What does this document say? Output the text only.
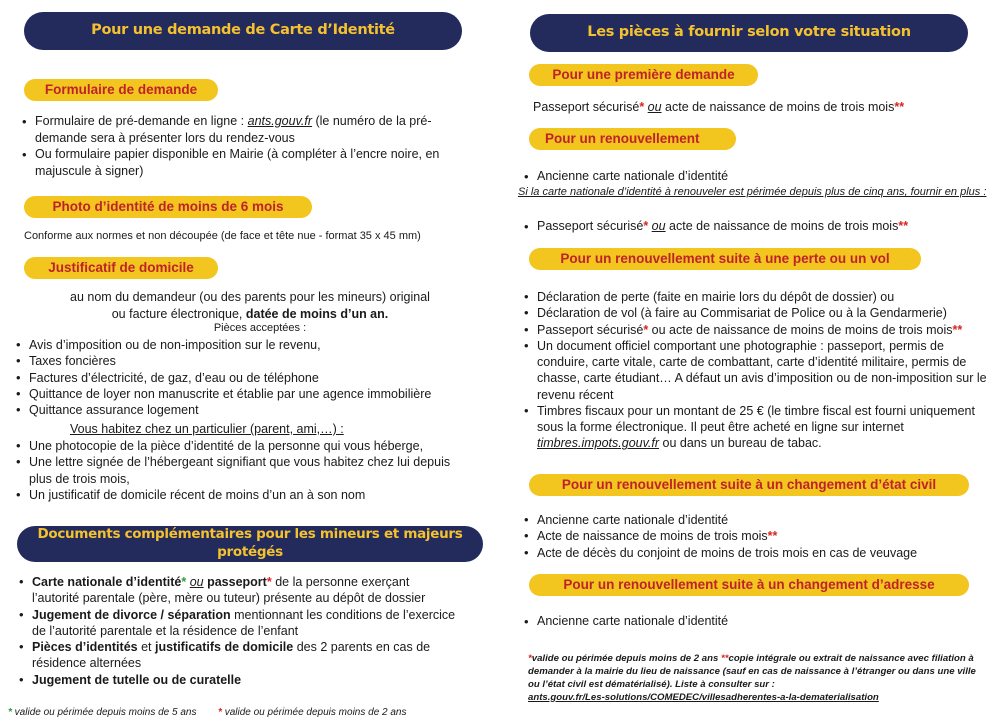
Pour une demande de Carte d’Identité
Formulaire de demande
• Formulaire de pré-demande en ligne : ants.gouv.fr (le numéro de la pré-demande sera à présenter lors du rendez-vous
• Ou formulaire papier disponible en Mairie (à compléter à l’encre noire, en majuscule à signer)
Photo d’identité de moins de 6 mois
Conforme aux normes et non découpée (de face et tête nue - format 35 x 45 mm)
Justificatif de domicile
au nom du demandeur (ou des parents pour les mineurs) original ou facture électronique, datée de moins d’un an.
Pièces acceptées :
• Avis d’imposition ou de non-imposition sur le revenu,
• Taxes foncières
• Factures d’électricité, de gaz, d’eau ou de téléphone
• Quittance de loyer non manuscrite et établie par une agence immobilière
• Quittance assurance logement
Vous habitez chez un particulier (parent, ami,…) :
• Une photocopie de la pièce d’identité de la personne qui vous héberge,
• Une lettre signée de l’hébergeant signifiant que vous habitez chez lui depuis plus de trois mois,
• Un justificatif de domicile récent de moins d’un an à son nom
Documents complémentaires pour les mineurs et majeurs protégés
• Carte nationale d’identité* ou passeport* de la personne exerçant l’autorité parentale (père, mère ou tuteur) présente au dépôt de dossier
• Jugement de divorce / séparation mentionnant les conditions de l’exercice de l’autorité parentale et la résidence de l’enfant
• Pièces d’identités et justificatifs de domicile des 2 parents en cas de résidence alternées
• Jugement de tutelle ou de curatelle
* valide ou périmée depuis moins de 5 ans * valide ou périmée depuis moins de 2 ans
Les pièces à fournir selon votre situation
Pour une première demande
Passeport sécurisé* ou acte de naissance de moins de trois mois**
Pour un renouvellement
• Ancienne carte nationale d’identité
Si la carte nationale d’identité à renouveler est périmée depuis plus de cinq ans, fournir en plus :
• Passeport sécurisé* ou acte de naissance de moins de trois mois**
Pour un renouvellement suite à une perte ou un vol
• Déclaration de perte (faite en mairie lors du dépôt de dossier) ou
• Déclaration de vol (à faire au Commisariat de Police ou à la Gendarmerie)
• Passeport sécurisé* ou acte de naissance de moins de moins de trois mois**
• Un document officiel comportant une photographie : passeport, permis de conduire, carte vitale, carte de combattant, carte d’identité militaire, permis de chasse, carte étudiant… A défaut un avis d’imposition ou de non-imposition sur le revenu récent
• Timbres fiscaux pour un montant de 25 € (le timbre fiscal est fourni uniquement sous la forme électronique. Il peut être acheté en ligne sur internet timbres.impots.gouv.fr ou dans un bureau de tabac.
Pour un renouvellement suite à un changement d’état civil
• Ancienne carte nationale d’identité
• Acte de naissance de moins de trois mois**
• Acte de décès du conjoint de moins de trois mois en cas de veuvage
Pour un renouvellement suite à un changement d’adresse
• Ancienne carte nationale d’identité
*valide ou périmée depuis moins de 2 ans **copie intégrale ou extrait de naissance avec filiation à demander à la mairie du lieu de naissance (sauf en cas de naissance à l’étranger ou dans une ville ou l’état civil est dématérialisé). Liste à consulter sur :
ants.gouv.fr/Les-solutions/COMEDEC/villesadherentes-a-la-dematerialisation
